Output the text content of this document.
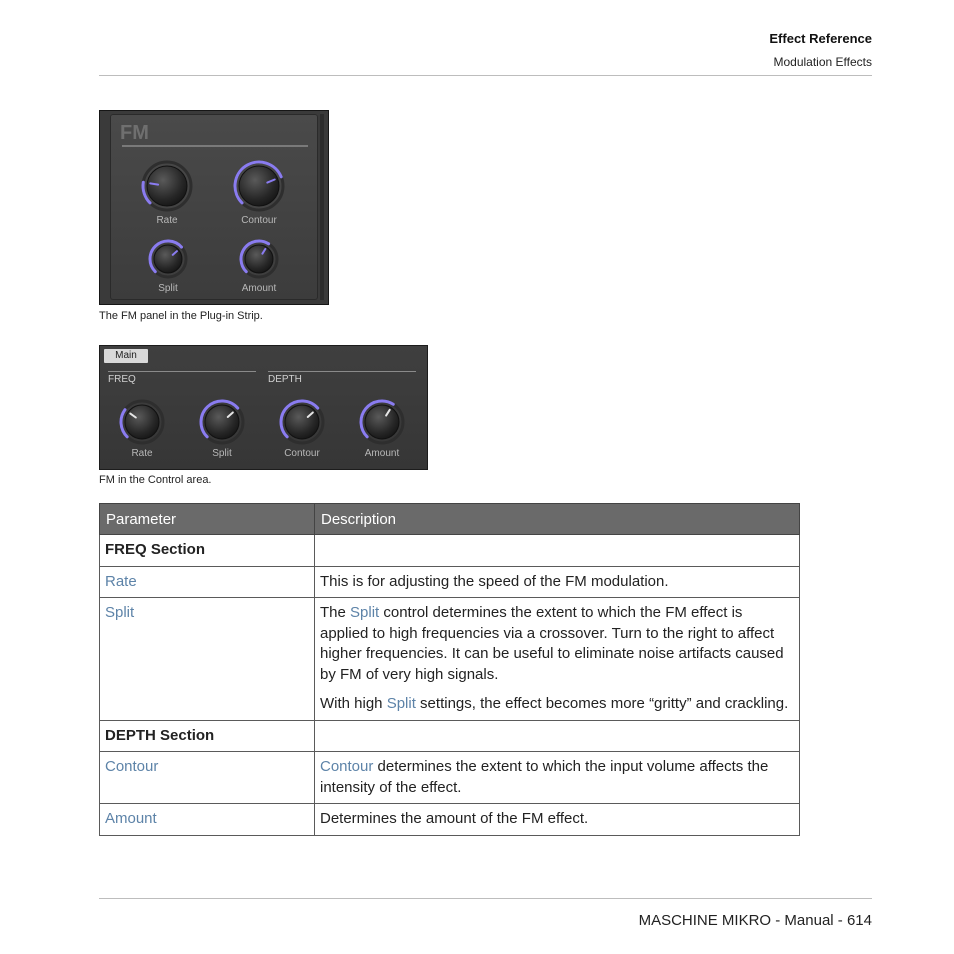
Effect Reference
Modulation Effects
FM
Rate	Contour
Split	Amount
The FM panel in the Plug-in Strip.
Main
FREQ	DEPTH
Rate	Split	Contour	Amount
FM in the Control area.
Parameter	Description
FREQ Section	
Rate	This is for adjusting the speed of the FM modulation.
Split	The Split control determines the extent to which the FM effect is applied to high frequencies via a crossover. Turn to the right to affect higher frequencies. It can be useful to eliminate noise artifacts caused by FM of very high signals.
With high Split settings, the effect becomes more “gritty” and crackling.

DEPTH Section	
Contour	Contour determines the extent to which the input volume affects the intensity of the effect.
Amount	Determines the amount of the FM effect.
MASCHINE MIKRO - Manual - 614
